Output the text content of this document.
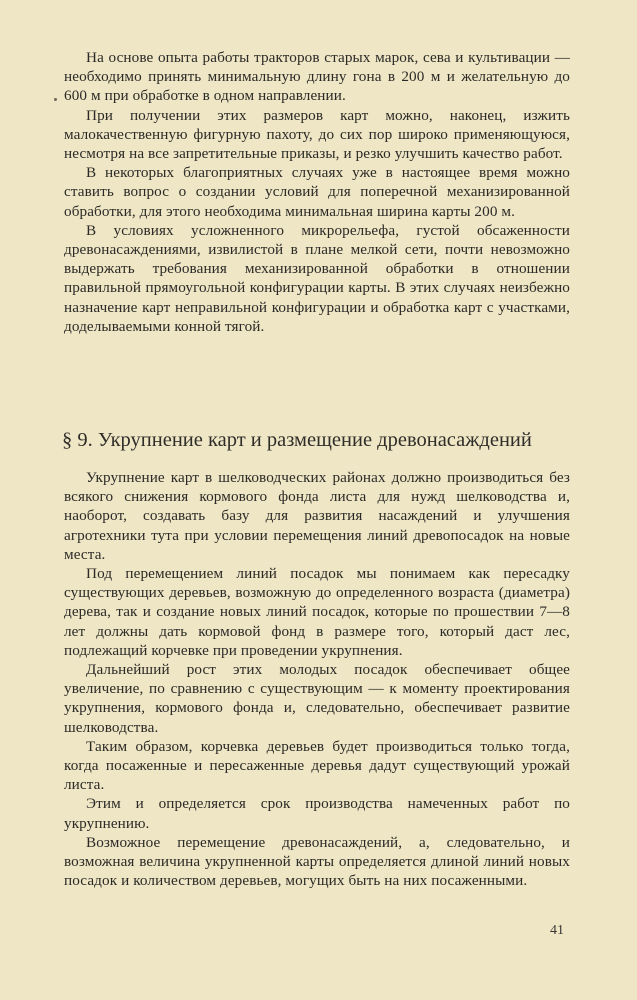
На основе опыта работы тракторов старых марок, сева и культивации — необходимо принять минимальную длину гона в 200 м и желательную до 600 м при обработке в одном направлении.

При получении этих размеров карт можно, наконец, изжить малокачественную фигурную пахоту, до сих пор широко применяющуюся, несмотря на все запретительные приказы, и резко улучшить качество работ.

В некоторых благоприятных случаях уже в настоящее время можно ставить вопрос о создании условий для поперечной механизированной обработки, для этого необходима минимальная ширина карты 200 м.

В условиях усложненного микрорельефа, густой обсаженности древонасаждениями, извилистой в плане мелкой сети, почти невозможно выдержать требования механизированной обработки в отношении правильной прямоугольной конфигурации карты. В этих случаях неизбежно назначение карт неправильной конфигурации и обработка карт с участками, доделываемыми конной тягой.

§ 9. Укрупнение карт и размещение древонасаждений

Укрупнение карт в шелководческих районах должно производиться без всякого снижения кормового фонда листа для нужд шелководства и, наоборот, создавать базу для развития насаждений и улучшения агротехники тута при условии перемещения линий древопосадок на новые места.

Под перемещением линий посадок мы понимаем как пересадку существующих деревьев, возможную до определенного возраста (диаметра) дерева, так и создание новых линий посадок, которые по прошествии 7—8 лет должны дать кормовой фонд в размере того, который даст лес, подлежащий корчевке при проведении укрупнения.

Дальнейший рост этих молодых посадок обеспечивает общее увеличение, по сравнению с существующим — к моменту проектирования укрупнения, кормового фонда и, следовательно, обеспечивает развитие шелководства.

Таким образом, корчевка деревьев будет производиться только тогда, когда посаженные и пересаженные деревья дадут существующий урожай листа.

Этим и определяется срок производства намеченных работ по укрупнению.

Возможное перемещение древонасаждений, а, следовательно, и возможная величина укрупненной карты определяется длиной линий новых посадок и количеством деревьев, могущих быть на них посаженными.

41
